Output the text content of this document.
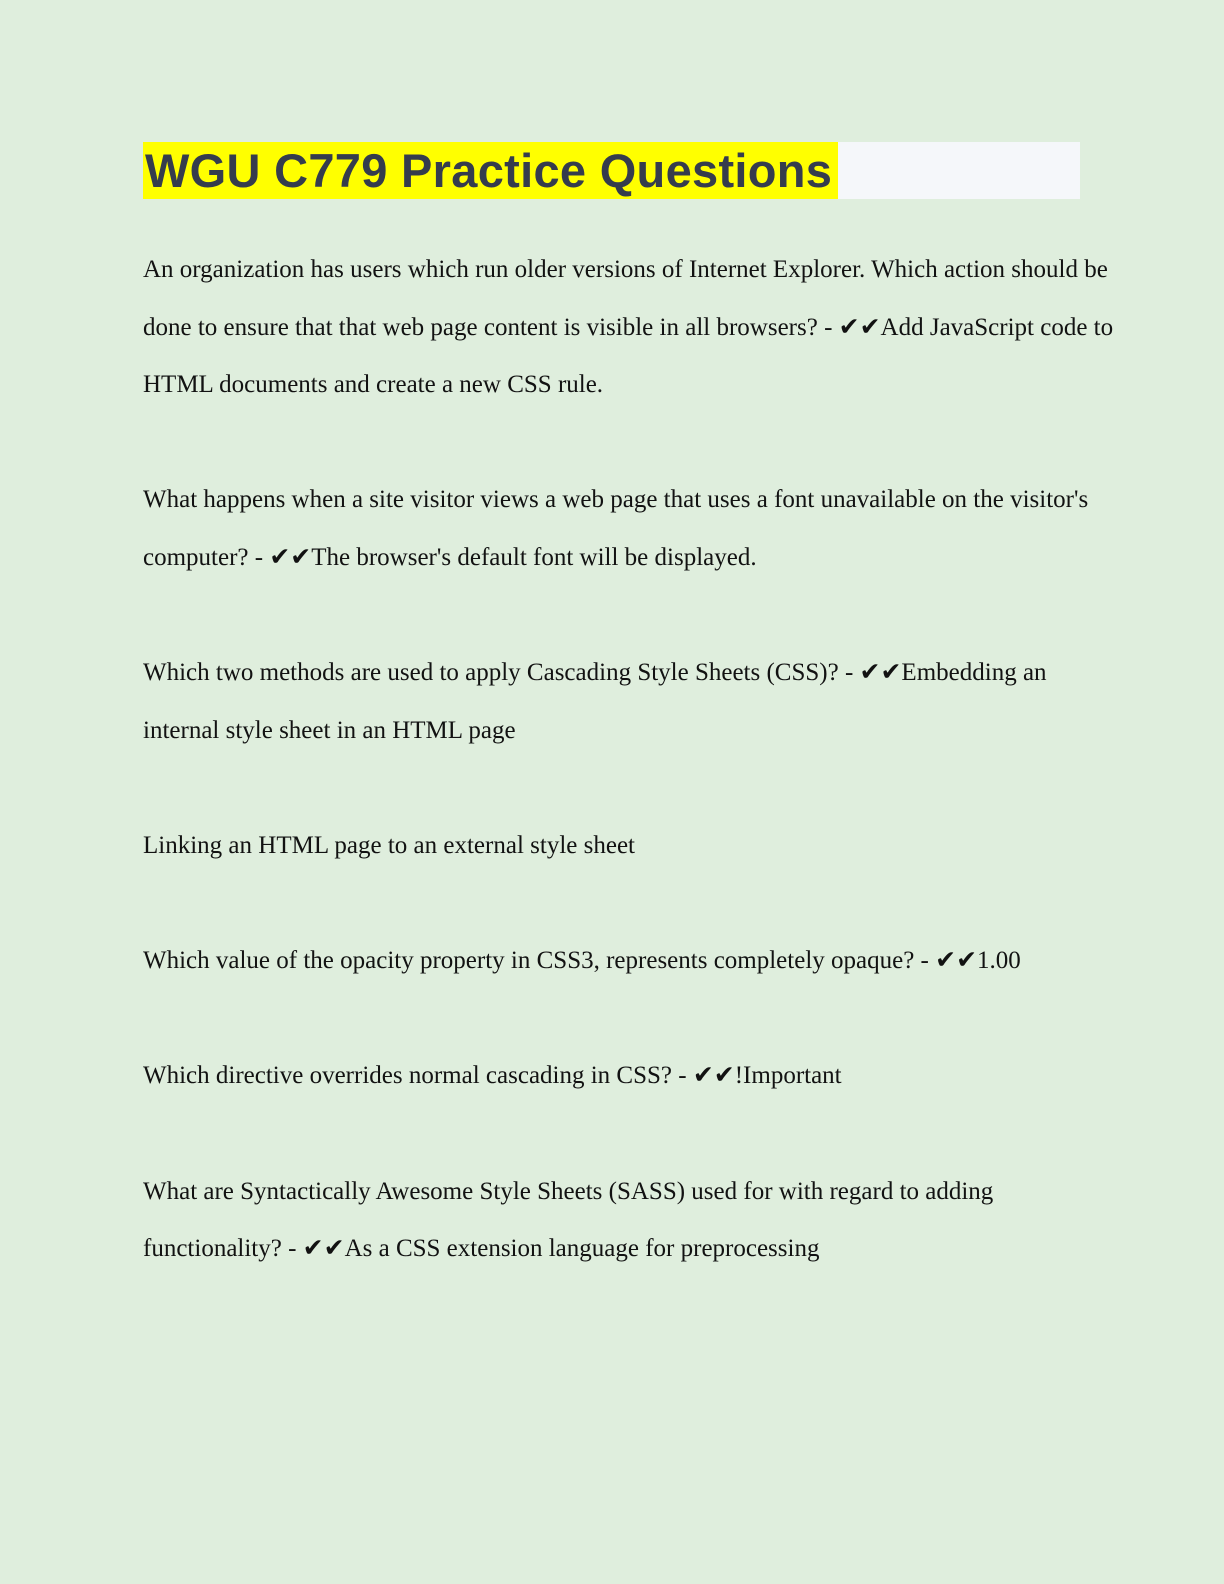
WGU C779 Practice Questions

An organization has users which run older versions of Internet Explorer. Which action should be
done to ensure that that web page content is visible in all browsers? - ✔✔Add JavaScript code to
HTML documents and create a new CSS rule.

What happens when a site visitor views a web page that uses a font unavailable on the visitor's
computer? - ✔✔The browser's default font will be displayed.

Which two methods are used to apply Cascading Style Sheets (CSS)? - ✔✔Embedding an
internal style sheet in an HTML page

Linking an HTML page to an external style sheet

Which value of the opacity property in CSS3, represents completely opaque? - ✔✔1.00

Which directive overrides normal cascading in CSS? - ✔✔!Important

What are Syntactically Awesome Style Sheets (SASS) used for with regard to adding
functionality? - ✔✔As a CSS extension language for preprocessing
